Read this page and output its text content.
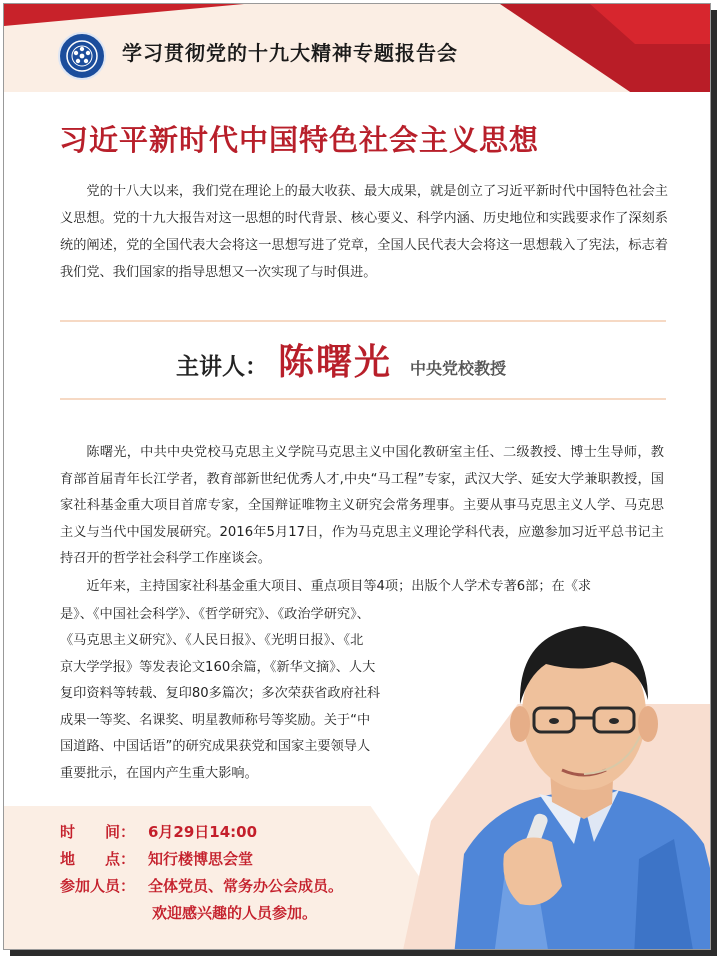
学习贯彻党的十九大精神专题报告会
习近平新时代中国特色社会主义思想
党的十八大以来，我们党在理论上的最大收获、最大成果，就是创立了习近平新时代中国特色社会主义思想。党的十九大报告对这一思想的时代背景、核心要义、科学内涵、历史地位和实践要求作了深刻系统的阐述，党的全国代表大会将这一思想写进了党章，全国人民代表大会将这一思想载入了宪法，标志着我们党、我们国家的指导思想又一次实现了与时俱进。
主讲人： 陈曙光 中央党校教授
陈曙光，中共中央党校马克思主义学院马克思主义中国化教研室主任、二级教授、博士生导师，教育部首届青年长江学者，教育部新世纪优秀人才,中央“马工程”专家，武汉大学、延安大学兼职教授，国家社科基金重大项目首席专家，全国辩证唯物主义研究会常务理事。主要从事马克思主义人学、马克思主义与当代中国发展研究。2016年5月17日，作为马克思主义理论学科代表，应邀参加习近平总书记主持召开的哲学社会科学工作座谈会。
近年来，主持国家社科基金重大项目、重点项目等4项；出版个人学术专著6部；在《求
是》、《中国社会科学》、《哲学研究》、《政治学研究》、
《马克思主义研究》、《人民日报》、《光明日报》、《北
京大学学报》等发表论文160余篇，《新华文摘》、人大
复印资料等转载、复印80多篇次；多次荣获省政府社科
成果一等奖、名课奖、明星教师称号等奖励。关于“中
国道路、中国话语”的研究成果获党和国家主要领导人
重要批示，在国内产生重大影响。
时　　间： 6月29日14:00
地　　点： 知行楼博思会堂
参加人员： 全体党员、常务办公会成员。
欢迎感兴趣的人员参加。
